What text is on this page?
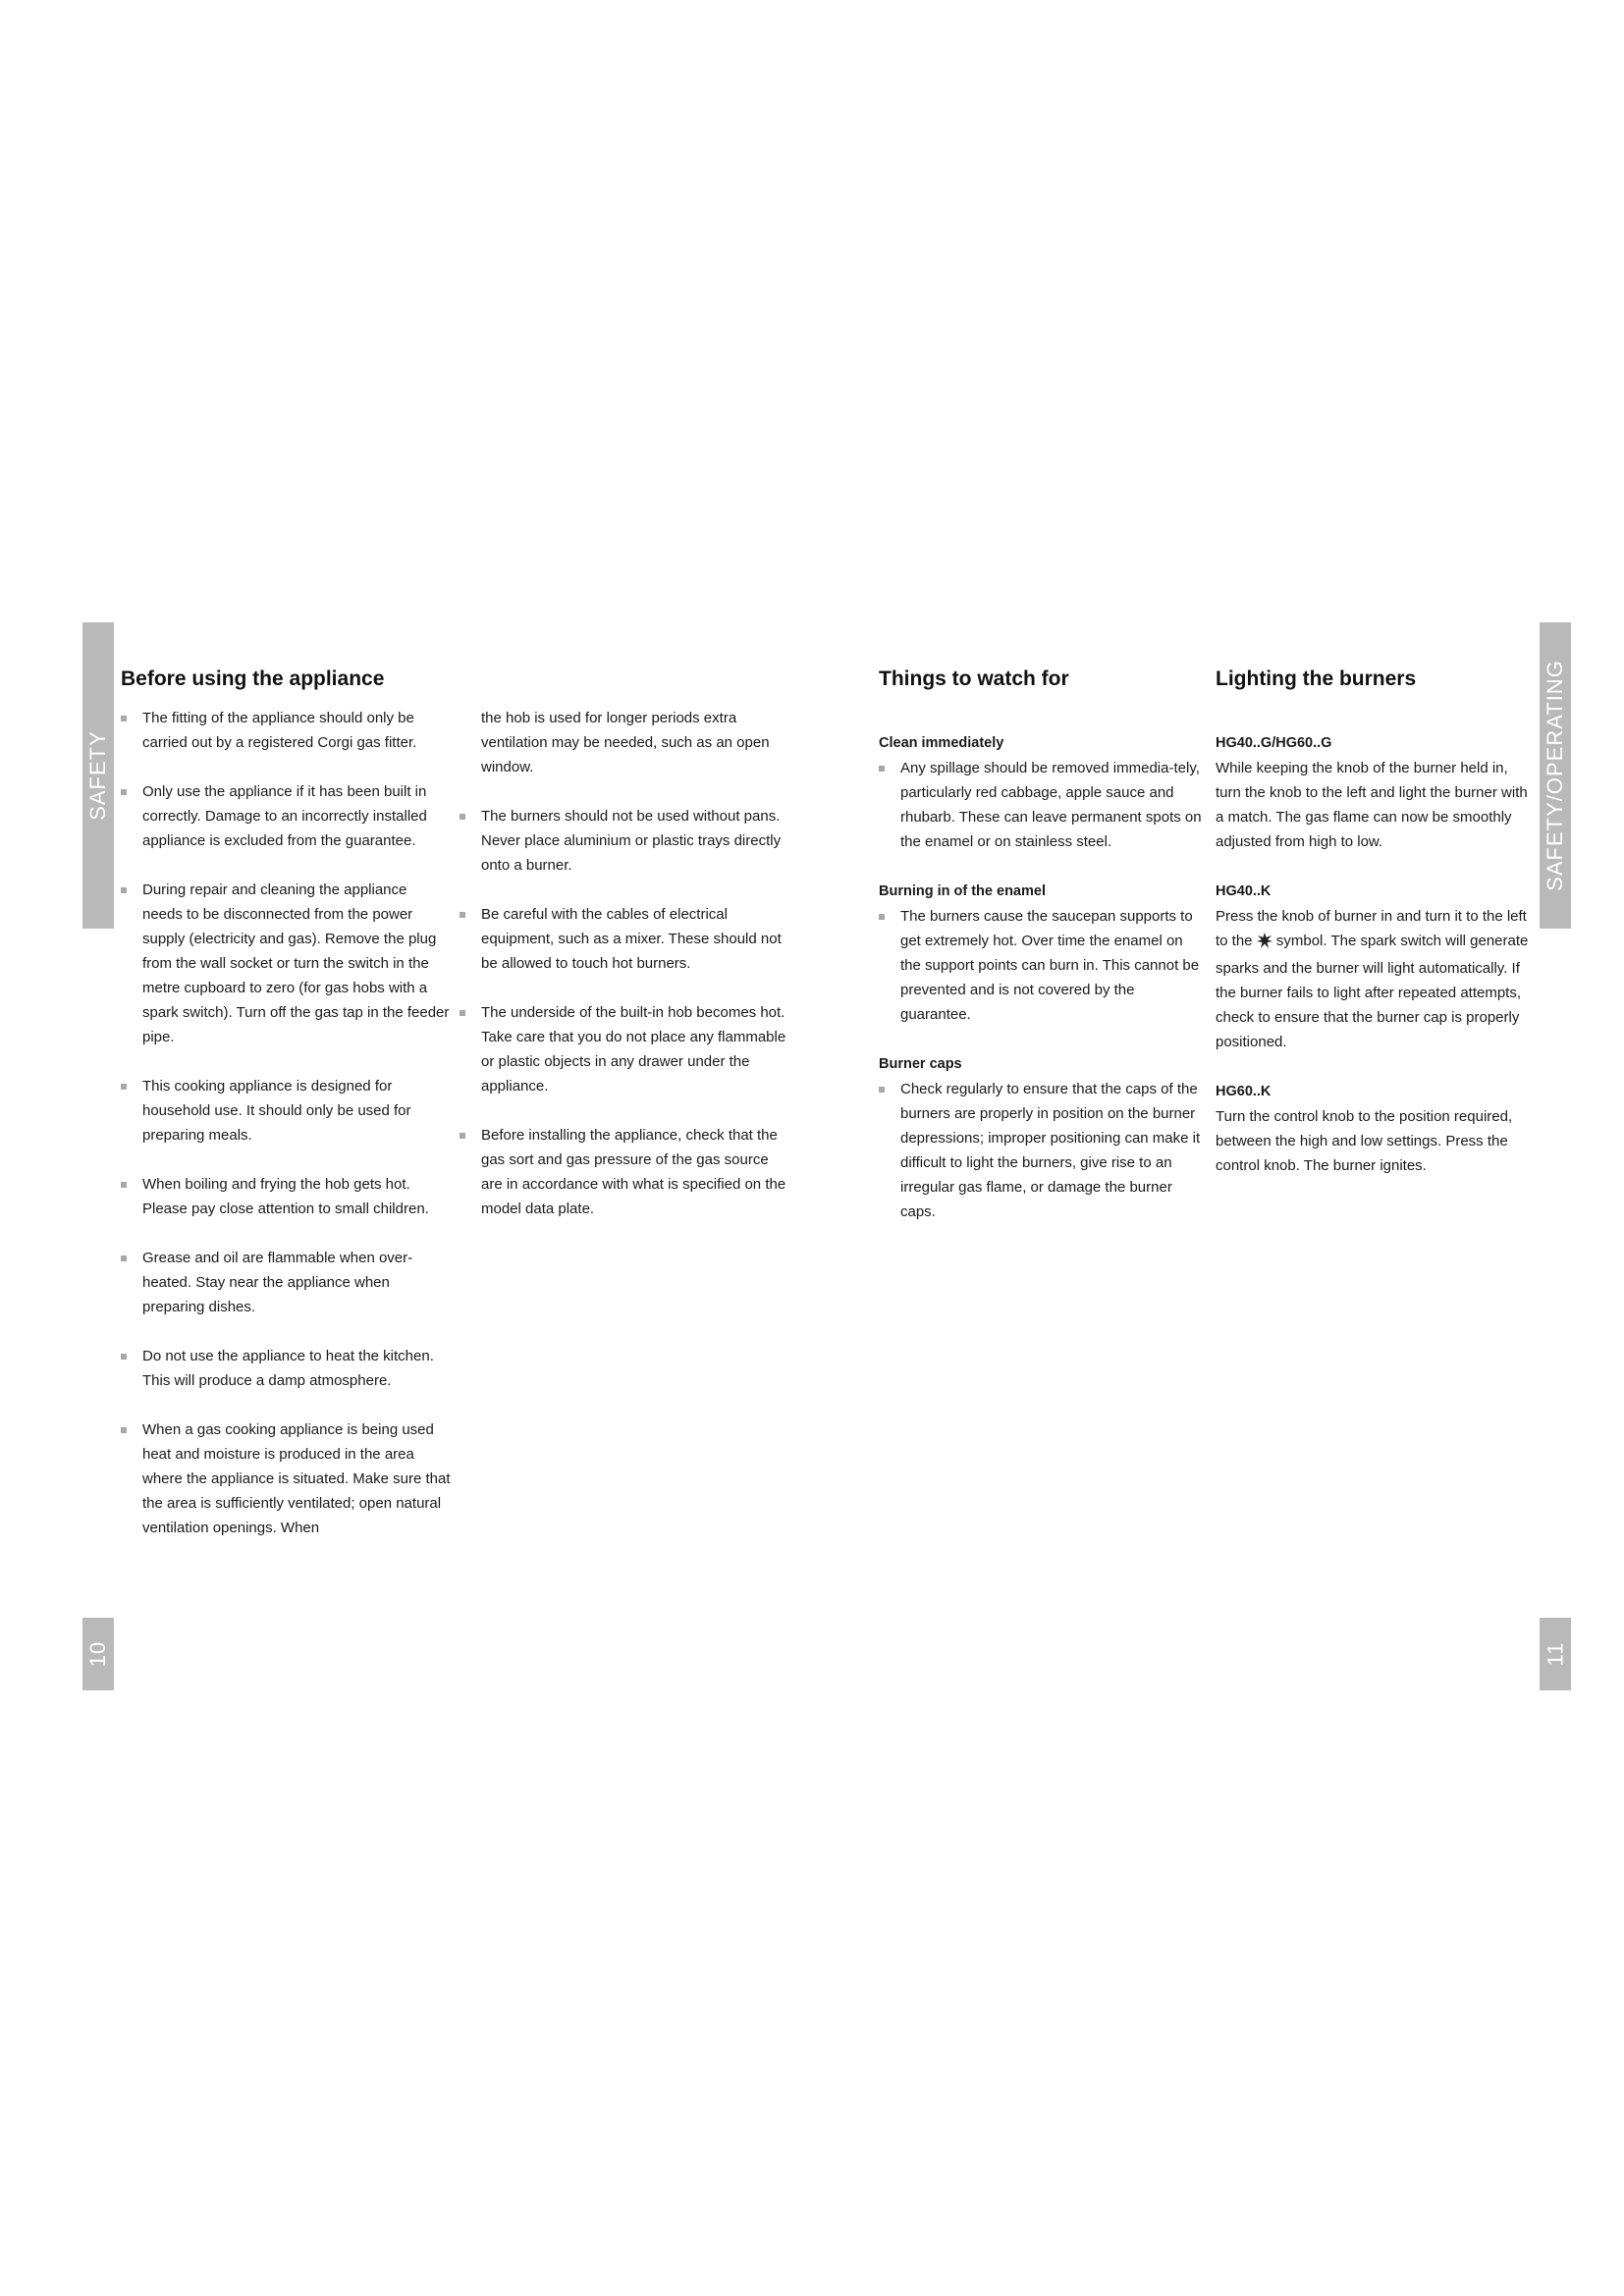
SAFETY
10
SAFETY/OPERATING
11
Before using the appliance
The fitting of the appliance should only be carried out by a registered Corgi gas fitter.
Only use the appliance if it has been built in correctly. Damage to an incorrectly installed appliance is excluded from the guarantee.
During repair and cleaning the appliance needs to be disconnected from the power supply (electricity and gas). Remove the plug from the wall socket or turn the switch in the metre cupboard to zero (for gas hobs with a spark switch). Turn off the gas tap in the feeder pipe.
This cooking appliance is designed for household use. It should only be used for preparing meals.
When boiling and frying the hob gets hot. Please pay close attention to small children.
Grease and oil are flammable when over-heated. Stay near the appliance when preparing dishes.
Do not use the appliance to heat the kitchen. This will produce a damp atmosphere.
When a gas cooking appliance is being used heat and moisture is produced in the area where the appliance is situated. Make sure that the area is sufficiently ventilated; open natural ventilation openings. When

the hob is used for longer periods extra ventilation may be needed, such as an open window.

The burners should not be used without pans. Never place aluminium or plastic trays directly onto a burner.
Be careful with the cables of electrical equipment, such as a mixer. These should not be allowed to touch hot burners.
The underside of the built-in hob becomes hot. Take care that you do not place any flammable or plastic objects in any drawer under the appliance.
Before installing the appliance, check that the gas sort and gas pressure of the gas source are in accordance with what is specified on the model data plate.
Things to watch for
Clean immediately
Any spillage should be removed immedia-tely, particularly red cabbage, apple sauce and rhubarb. These can leave permanent spots on the enamel or on stainless steel.
Burning in of the enamel
The burners cause the saucepan supports to get extremely hot. Over time the enamel on the support points can burn in. This cannot be prevented and is not covered by the guarantee.
Burner caps
Check regularly to ensure that the caps of the burners are properly in position on the burner depressions; improper positioning can make it difficult to light the burners, give rise to an irregular gas flame, or damage the burner caps.
Lighting the burners
HG40..G/HG60..G

While keeping the knob of the burner held in, turn the knob to the left and light the burner with a match. The gas flame can now be smoothly adjusted from high to low.

HG40..K

Press the knob of burner in and turn it to the left to the symbol. The spark switch will generate sparks and the burner will light automatically. If the burner fails to light after repeated attempts, check to ensure that the burner cap is properly positioned.

HG60..K

Turn the control knob to the position required, between the high and low settings. Press the control knob. The burner ignites.
